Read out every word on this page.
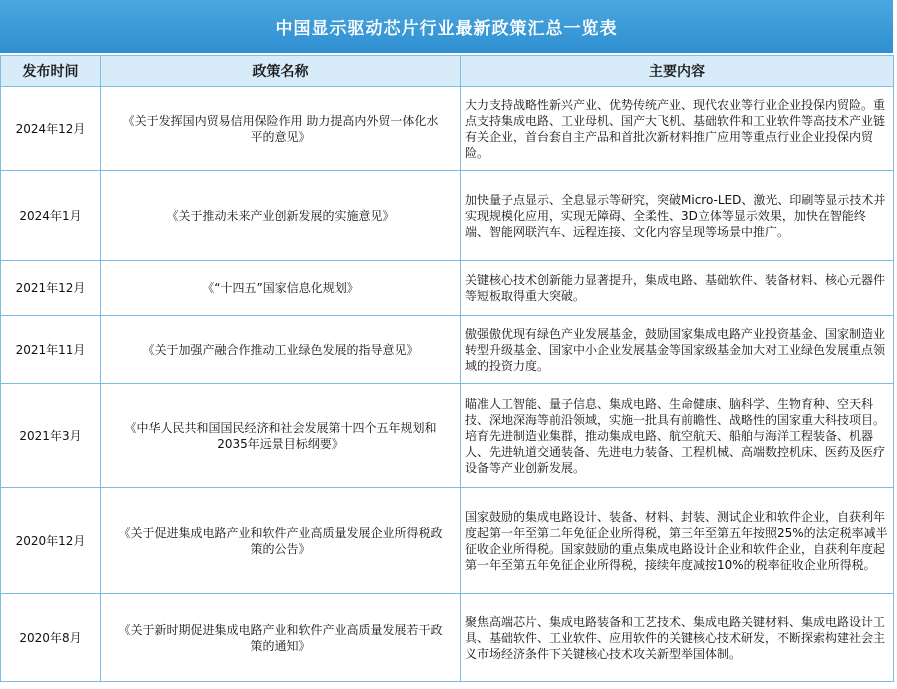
中国显示驱动芯片行业最新政策汇总一览表
发布时间	政策名称	主要内容
2024年12月	《关于发挥国内贸易信用保险作用 助力提高内外贸一体化水平的意见》	大力支持战略性新兴产业、优势传统产业、现代农业等行业企业投保内贸险。重点支持集成电路、工业母机、国产大飞机、基础软件和工业软件等高技术产业链有关企业，首台套自主产品和首批次新材料推广应用等重点行业企业投保内贸险。
2024年1月	《关于推动未来产业创新发展的实施意见》	加快量子点显示、全息显示等研究，突破Micro-LED、激光、印刷等显示技术并实现规模化应用，实现无障碍、全柔性、3D立体等显示效果，加快在智能终端、智能网联汽车、远程连接、文化内容呈现等场景中推广。
2021年12月	《“十四五”国家信息化规划》	关键核心技术创新能力显著提升，集成电路、基础软件、装备材料、核心元器件等短板取得重大突破。
2021年11月	《关于加强产融合作推动工业绿色发展的指导意见》	傲强傲优现有绿色产业发展基金，鼓励国家集成电路产业投资基金、国家制造业转型升级基金、国家中小企业发展基金等国家级基金加大对工业绿色发展重点领域的投资力度。
2021年3月	《中华人民共和国国民经济和社会发展第十四个五年规划和2035年远景目标纲要》	瞄准人工智能、量子信息、集成电路、生命健康、脑科学、生物育种、空天科技、深地深海等前沿领域，实施一批具有前瞻性、战略性的国家重大科技项目。培育先进制造业集群，推动集成电路、航空航天、船舶与海洋工程装备、机器人、先进轨道交通装备、先进电力装备、工程机械、高端数控机床、医药及医疗设备等产业创新发展。
2020年12月	《关于促进集成电路产业和软件产业高质量发展企业所得税政策的公告》	国家鼓励的集成电路设计、装备、材料、封装、测试企业和软件企业，自获利年度起第一年至第二年免征企业所得税，第三年至第五年按照25%的法定税率减半征收企业所得税。国家鼓励的重点集成电路设计企业和软件企业，自获利年度起第一年至第五年免征企业所得税，接续年度减按10%的税率征收企业所得税。
2020年8月	《关于新时期促进集成电路产业和软件产业高质量发展若干政策的通知》	聚焦高端芯片、集成电路装备和工艺技术、集成电路关键材料、集成电路设计工具、基础软件、工业软件、应用软件的关键核心技术研发，不断探索构建社会主义市场经济条件下关键核心技术攻关新型举国体制。
